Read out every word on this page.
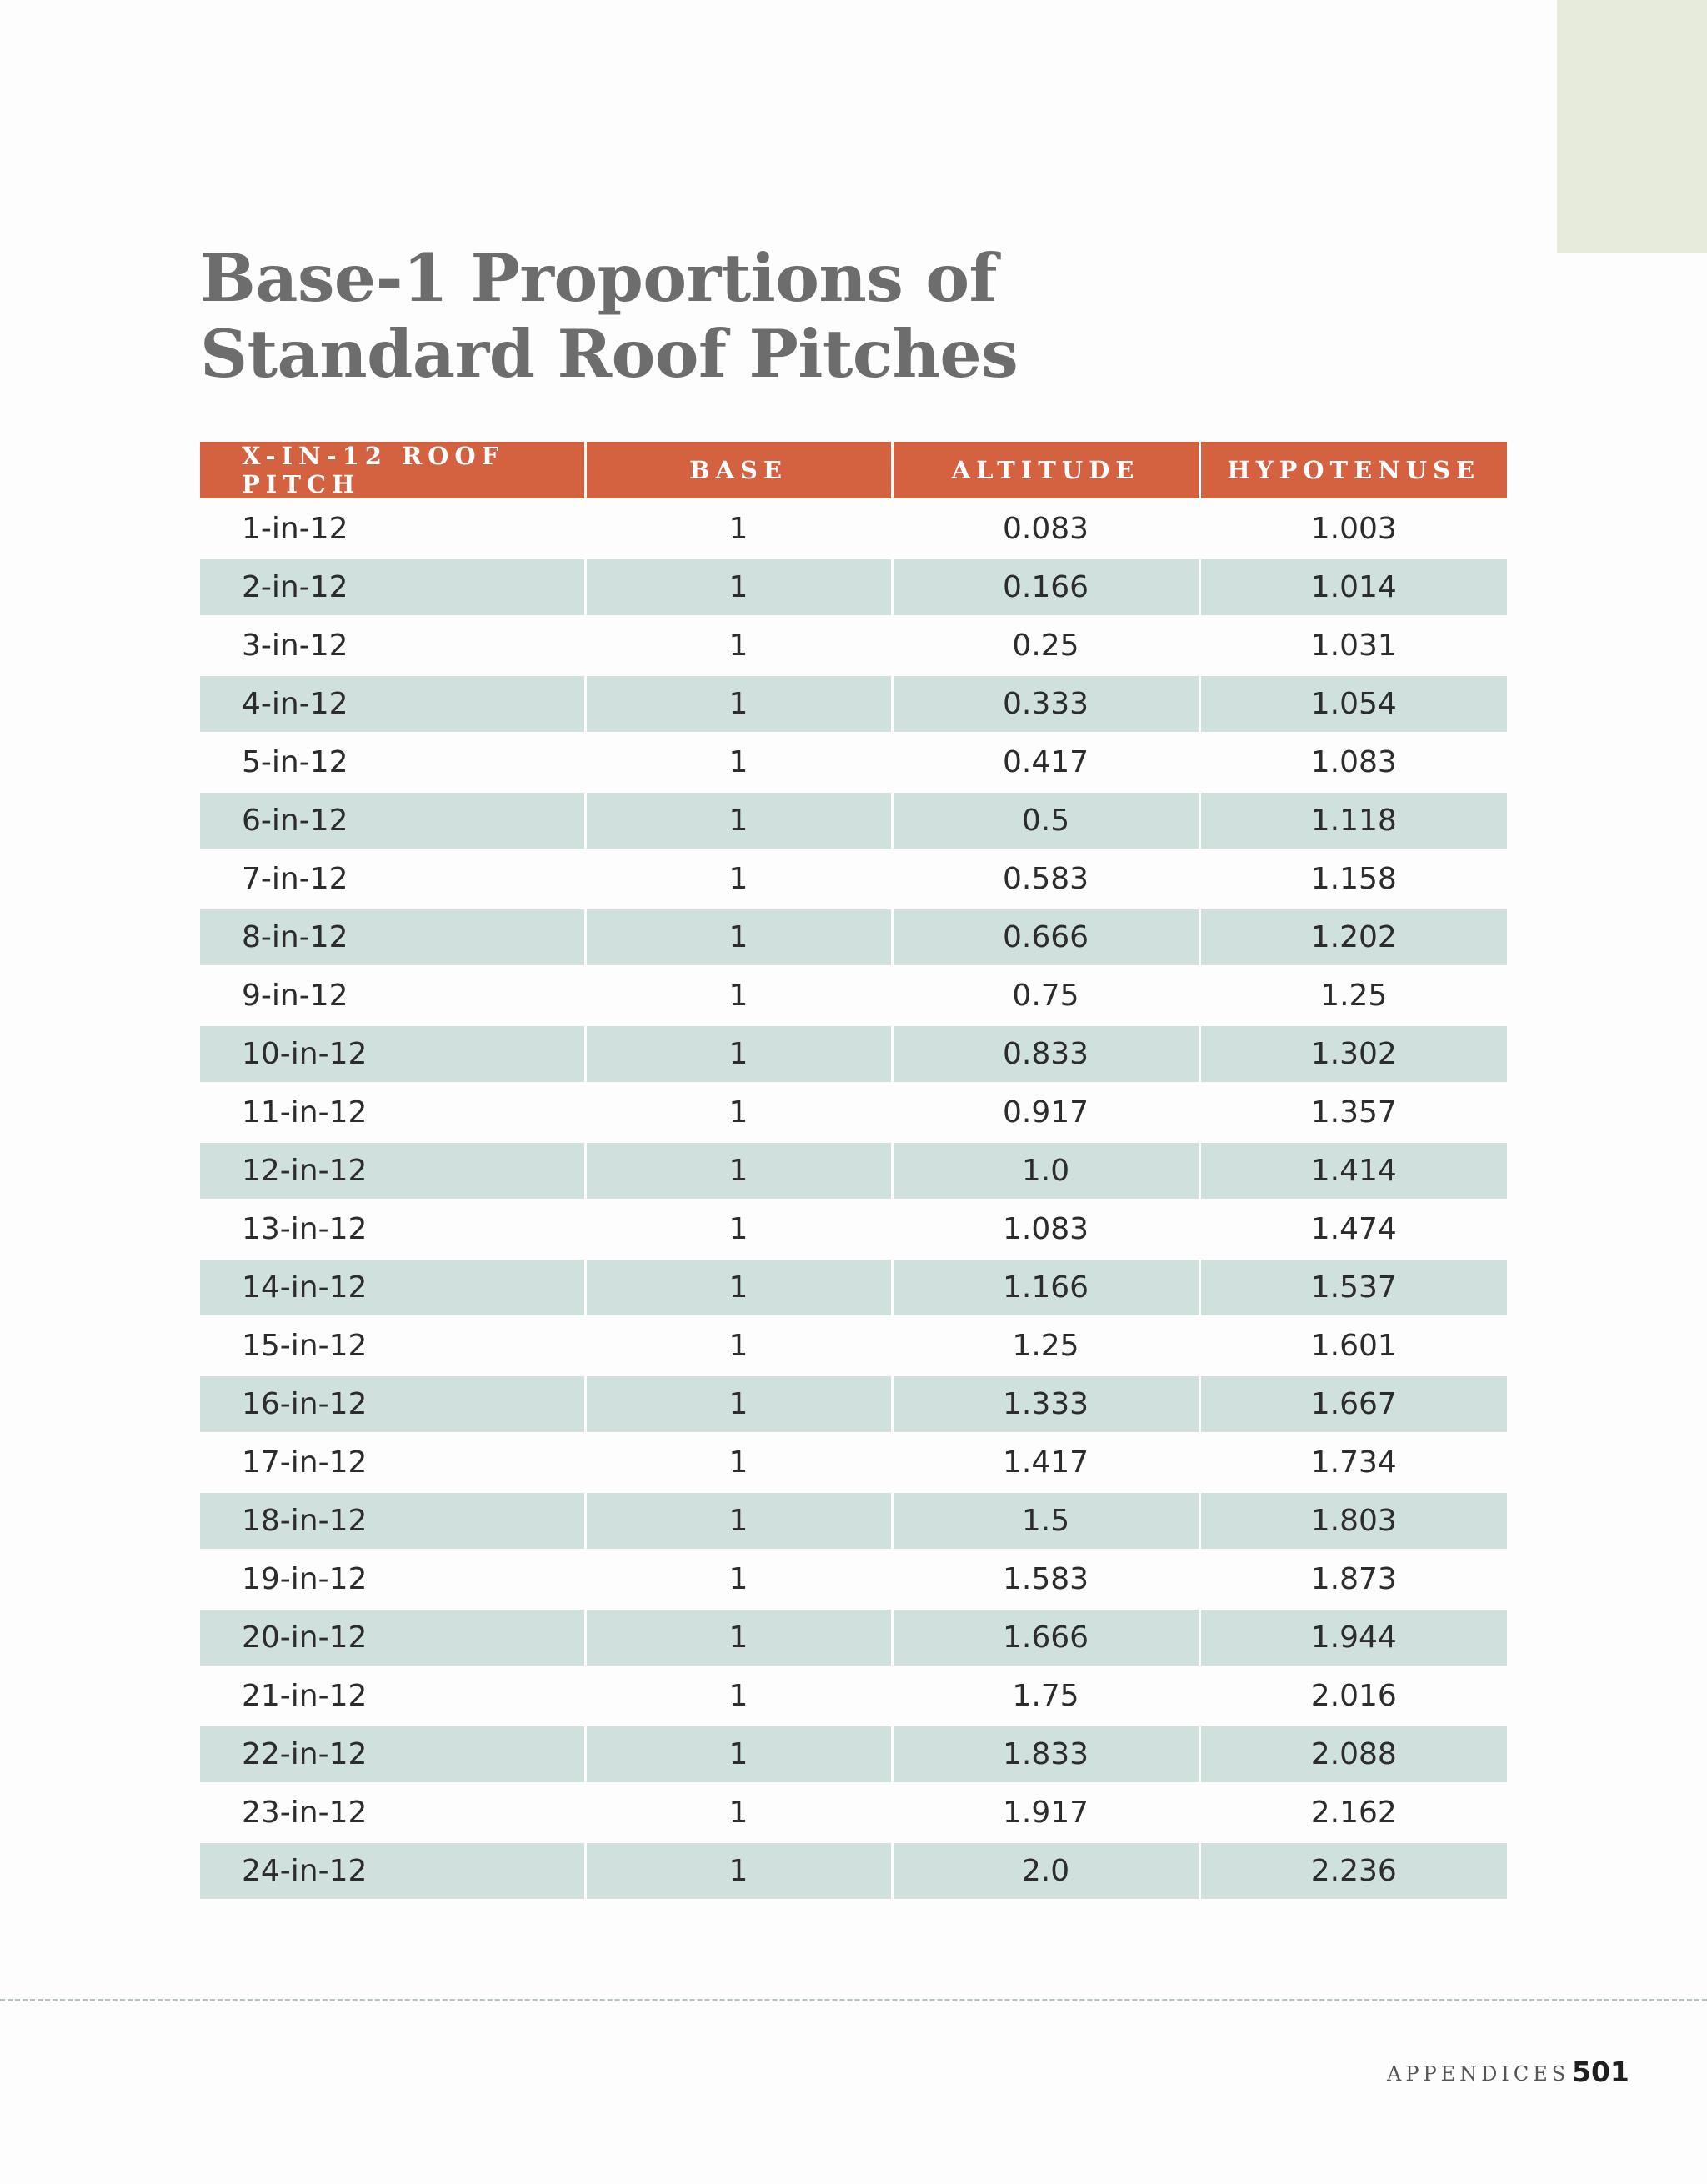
Base-1 Proportions of
Standard Roof Pitches
X-IN-12 ROOF PITCH	BASE	ALTITUDE	HYPOTENUSE
1-in-12	1	0.083	1.003
2-in-12	1	0.166	1.014
3-in-12	1	0.25	1.031
4-in-12	1	0.333	1.054
5-in-12	1	0.417	1.083
6-in-12	1	0.5	1.118
7-in-12	1	0.583	1.158
8-in-12	1	0.666	1.202
9-in-12	1	0.75	1.25
10-in-12	1	0.833	1.302
11-in-12	1	0.917	1.357
12-in-12	1	1.0	1.414
13-in-12	1	1.083	1.474
14-in-12	1	1.166	1.537
15-in-12	1	1.25	1.601
16-in-12	1	1.333	1.667
17-in-12	1	1.417	1.734
18-in-12	1	1.5	1.803
19-in-12	1	1.583	1.873
20-in-12	1	1.666	1.944
21-in-12	1	1.75	2.016
22-in-12	1	1.833	2.088
23-in-12	1	1.917	2.162
24-in-12	1	2.0	2.236
APPENDICES 501
